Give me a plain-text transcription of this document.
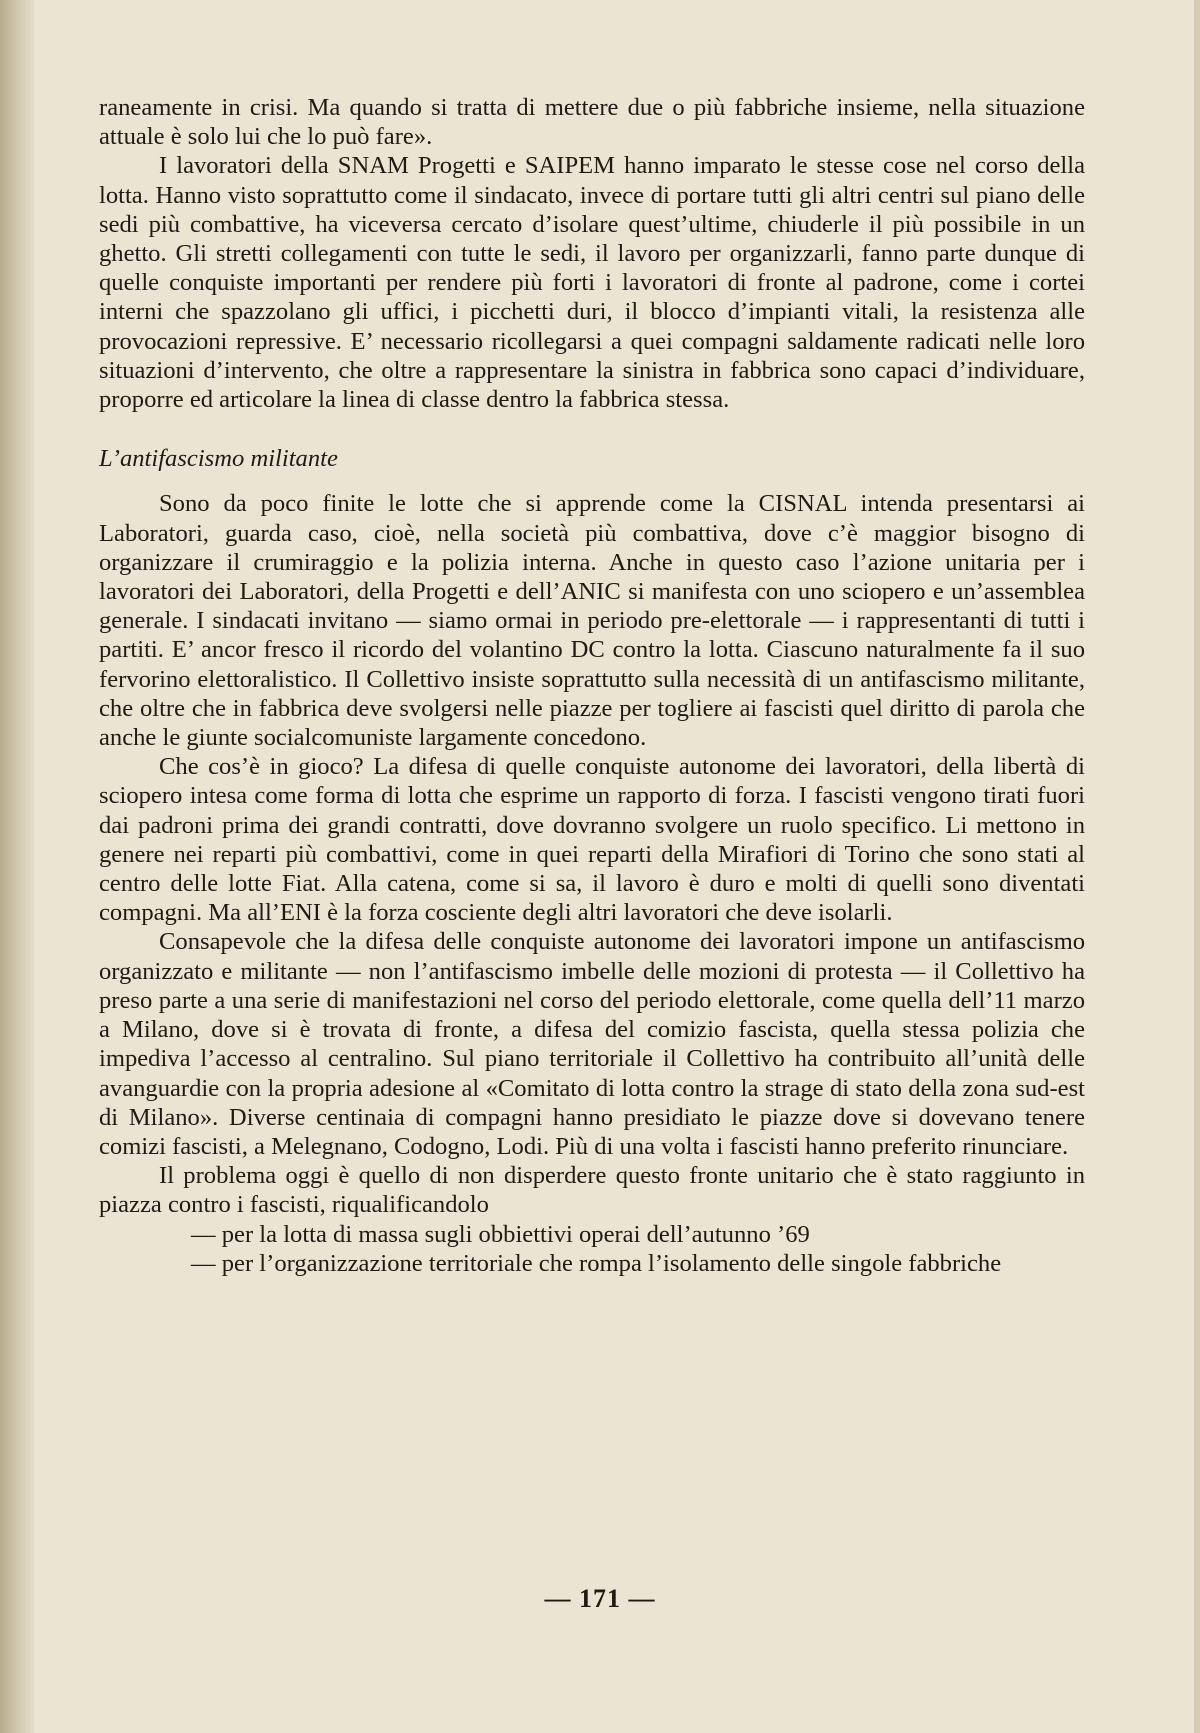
raneamente in crisi. Ma quando si tratta di mettere due o più fabbriche insieme, nella situazione attuale è solo lui che lo può fare».

I lavoratori della SNAM Progetti e SAIPEM hanno imparato le stesse cose nel corso della lotta. Hanno visto soprattutto come il sindacato, invece di portare tutti gli altri centri sul piano delle sedi più combattive, ha viceversa cercato d’isolare quest’ultime, chiuderle il più possibile in un ghetto. Gli stretti collegamenti con tutte le sedi, il lavoro per organizzarli, fanno parte dunque di quelle conquiste importanti per rendere più forti i lavoratori di fronte al padrone, come i cortei interni che spazzolano gli uffici, i picchetti duri, il blocco d’impianti vitali, la resistenza alle provocazioni repressive. E’ necessario ricollegarsi a quei compagni saldamente radicati nelle loro situazioni d’intervento, che oltre a rappresentare la sinistra in fabbrica sono capaci d’individuare, proporre ed articolare la linea di classe dentro la fabbrica stessa.

L’antifascismo militante

Sono da poco finite le lotte che si apprende come la CISNAL intenda presentarsi ai Laboratori, guarda caso, cioè, nella società più combattiva, dove c’è maggior bisogno di organizzare il crumiraggio e la polizia interna. Anche in questo caso l’azione unitaria per i lavoratori dei Laboratori, della Progetti e dell’ANIC si manifesta con uno sciopero e un’assemblea generale. I sindacati invitano — siamo ormai in periodo pre-elettorale — i rappresentanti di tutti i partiti. E’ ancor fresco il ricordo del volantino DC contro la lotta. Ciascuno naturalmente fa il suo fervorino elettoralistico. Il Collettivo insiste soprattutto sulla necessità di un antifascismo militante, che oltre che in fabbrica deve svolgersi nelle piazze per togliere ai fascisti quel diritto di parola che anche le giunte socialcomuniste largamente concedono.

Che cos’è in gioco? La difesa di quelle conquiste autonome dei lavoratori, della libertà di sciopero intesa come forma di lotta che esprime un rapporto di forza. I fascisti vengono tirati fuori dai padroni prima dei grandi contratti, dove dovranno svolgere un ruolo specifico. Li mettono in genere nei reparti più combattivi, come in quei reparti della Mirafiori di Torino che sono stati al centro delle lotte Fiat. Alla catena, come si sa, il lavoro è duro e molti di quelli sono diventati compagni. Ma all’ENI è la forza cosciente degli altri lavoratori che deve isolarli.

Consapevole che la difesa delle conquiste autonome dei lavoratori impone un antifascismo organizzato e militante — non l’antifascismo imbelle delle mozioni di protesta — il Collettivo ha preso parte a una serie di manifestazioni nel corso del periodo elettorale, come quella dell’11 marzo a Milano, dove si è trovata di fronte, a difesa del comizio fascista, quella stessa polizia che impediva l’accesso al centralino. Sul piano territoriale il Collettivo ha contribuito all’unità delle avanguardie con la propria adesione al «Comitato di lotta contro la strage di stato della zona sud-est di Milano». Diverse centinaia di compagni hanno presidiato le piazze dove si dovevano tenere comizi fascisti, a Melegnano, Codogno, Lodi. Più di una volta i fascisti hanno preferito rinunciare.

Il problema oggi è quello di non disperdere questo fronte unitario che è stato raggiunto in piazza contro i fascisti, riqualificandolo

— per la lotta di massa sugli obbiettivi operai dell’autunno ’69

— per l’organizzazione territoriale che rompa l’isolamento delle singole fabbriche

— 171 —
